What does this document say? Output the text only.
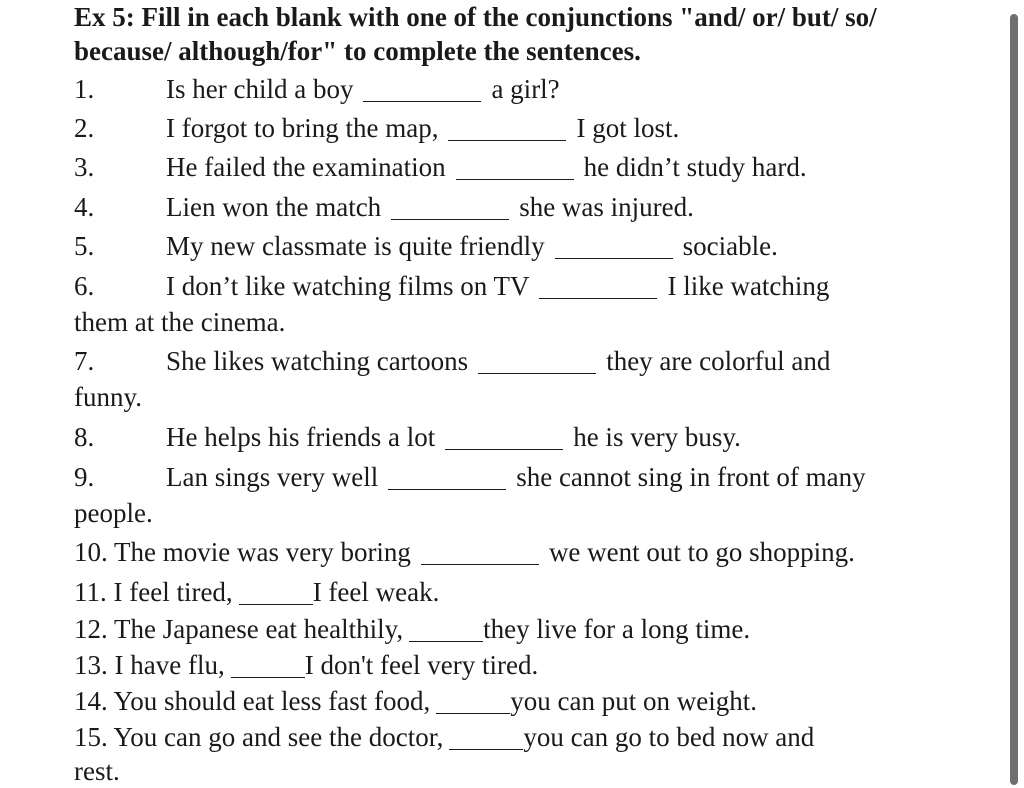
Ex 5: Fill in each blank with one of the conjunctions "and/ or/ but/ so/ because/ although/for" to complete the sentences.
1.	Is her child a boy	a girl?
2.	I forgot to bring the map,	I got lost.
3.	He failed the examination	he didn’t study hard.
4.	Lien won the match	she was injured.
5.	My new classmate is quite friendly	sociable.
6.	I don’t like watching films on TV	I like watching
them at the cinema.
7.	She likes watching cartoons	they are colorful and
funny.
8.	He helps his friends a lot	he is very busy.
9.	Lan sings very well	she cannot sing in front of many
people.
10. The movie was very boring	we went out to go shopping.
11. I feel tired,	I feel weak.
12. The Japanese eat healthily,	they live for a long time.
13. I have flu,	I don't feel very tired.
14. You should eat less fast food,	you can put on weight.
15. You can go and see the doctor,	you can go to bed now and
rest.
